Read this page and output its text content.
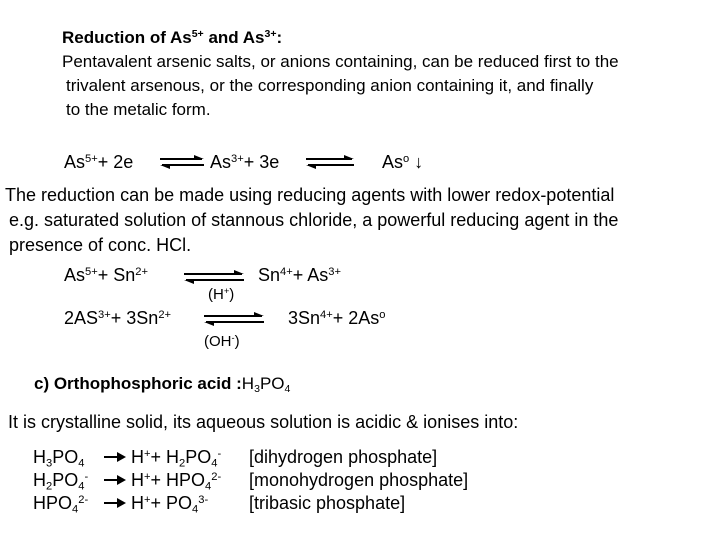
Reduction of $As^{5+}$ and $As^{3+}$:
Pentavalent arsenic salts, or anions containing, can be reduced first to the
trivalent arsenous, or the corresponding anion containing it, and finally
to the metalic form.
$As^{5+}+ 2e$ ⇌ $As^{3+}+ 3e$	As$^o$ ↓
The reduction can be made using reducing agents with lower redox-potential
e.g. saturated solution of stannous chloride, a powerful reducing agent in the
presence of conc. HCl.
$As^{5+}+ Sn^{2+}$ ⇌ $Sn^{4+}+ As^{3+}$
(H+)
$2AS^{3+}+ 3Sn^{2+}$ ⇌ $3Sn^{4+}+ 2As^o$
(OH-)
c) Orthophosphoric acid $:H_3PO_4$
It is crystalline solid, its aqueous solution is acidic & ionises into:
$H_3PO_4 \to H^++ H_2PO_4^-$ [dihydrogen phosphate]
$H_2PO_4^- \to H^++ HPO_4^{2-}$ [monohydrogen phosphate]
$HPO_4^{2-} \to H^++ PO_4^{3-}$ [tribasic phosphate]
